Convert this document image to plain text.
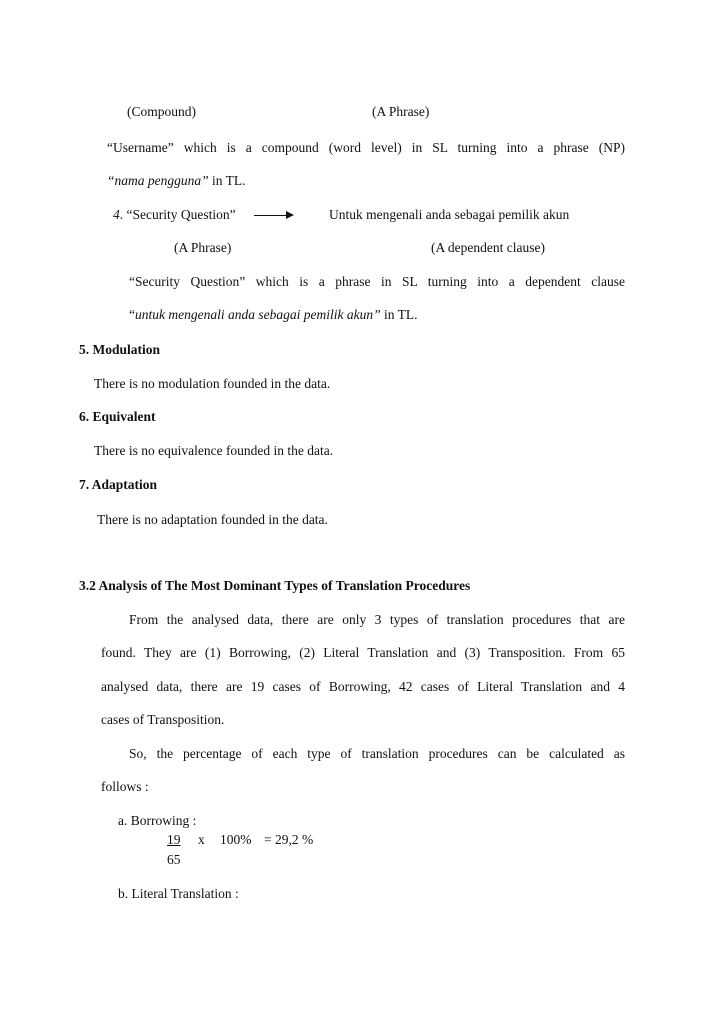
(Compound)	(A Phrase)
“Username” which is a compound (word level) in SL turning into a phrase (NP)
“nama pengguna” in TL.
4. “Security Question”	Untuk mengenali anda sebagai pemilik akun
(A Phrase)	(A dependent clause)
“Security Question” which is a phrase in SL turning into a dependent clause
“untuk mengenali anda sebagai pemilik akun” in TL.
5. Modulation
There is no modulation founded in the data.
6. Equivalent
There is no equivalence founded in the data.
7. Adaptation
There is no adaptation founded in the data.
3.2 Analysis of The Most Dominant Types of Translation Procedures
From the analysed data, there are only 3 types of translation procedures that are
found. They are (1) Borrowing, (2) Literal Translation and (3) Transposition. From 65
analysed data, there are 19 cases of Borrowing, 42 cases of Literal Translation and 4
cases of Transposition.
So, the percentage of each type of translation procedures can be calculated as
follows :
a. Borrowing :
19 x 100% = 29,2 %
65
b. Literal Translation :
